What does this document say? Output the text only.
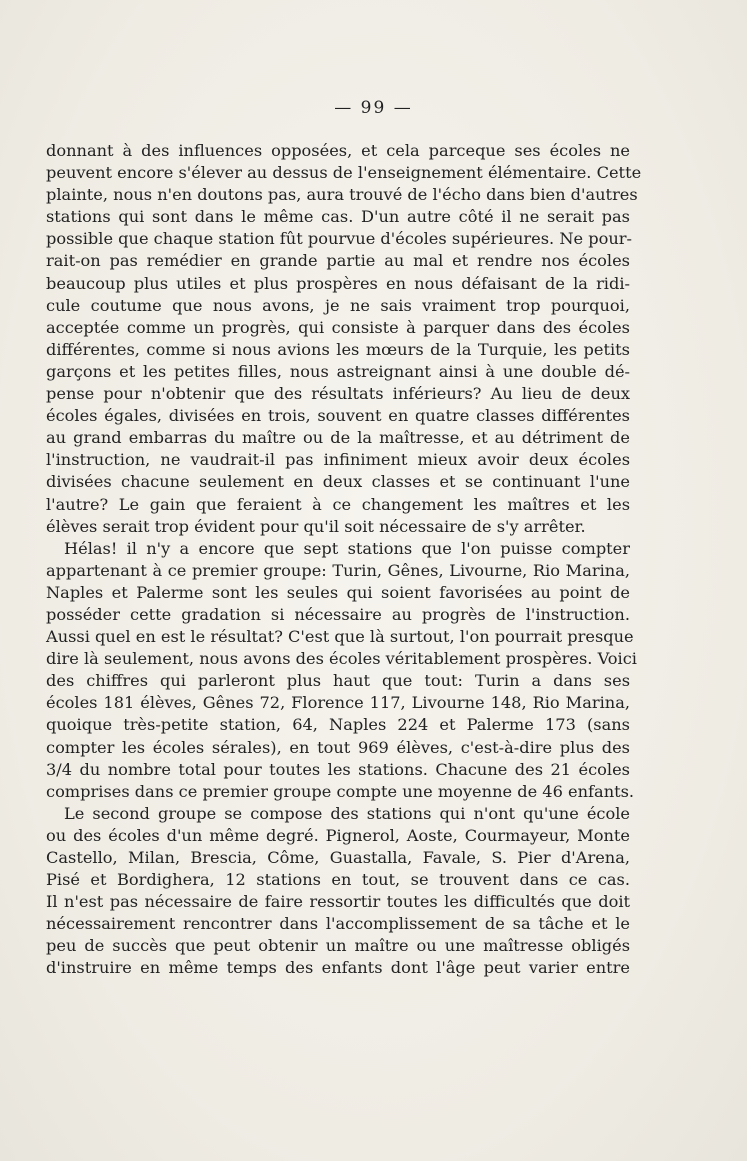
— 99 —
donnant à des influences opposées, et cela parceque ses écoles ne
peuvent encore s'élever au dessus de l'enseignement élémentaire. Cette
plainte, nous n'en doutons pas, aura trouvé de l'écho dans bien d'autres
stations qui sont dans le même cas. D'un autre côté il ne serait pas
possible que chaque station fût pourvue d'écoles supérieures. Ne pour-
rait-on pas remédier en grande partie au mal et rendre nos écoles
beaucoup plus utiles et plus prospères en nous défaisant de la ridi-
cule coutume que nous avons, je ne sais vraiment trop pourquoi,
acceptée comme un progrès, qui consiste à parquer dans des écoles
différentes, comme si nous avions les mœurs de la Turquie, les petits
garçons et les petites filles, nous astreignant ainsi à une double dé-
pense pour n'obtenir que des résultats inférieurs? Au lieu de deux
écoles égales, divisées en trois, souvent en quatre classes différentes
au grand embarras du maître ou de la maîtresse, et au détriment de
l'instruction, ne vaudrait-il pas infiniment mieux avoir deux écoles
divisées chacune seulement en deux classes et se continuant l'une
l'autre? Le gain que feraient à ce changement les maîtres et les
élèves serait trop évident pour qu'il soit nécessaire de s'y arrêter.
Hélas! il n'y a encore que sept stations que l'on puisse compter
appartenant à ce premier groupe: Turin, Gênes, Livourne, Rio Marina,
Naples et Palerme sont les seules qui soient favorisées au point de
posséder cette gradation si nécessaire au progrès de l'instruction.
Aussi quel en est le résultat? C'est que là surtout, l'on pourrait presque
dire là seulement, nous avons des écoles véritablement prospères. Voici
des chiffres qui parleront plus haut que tout: Turin a dans ses
écoles 181 élèves, Gênes 72, Florence 117, Livourne 148, Rio Marina,
quoique très-petite station, 64, Naples 224 et Palerme 173 (sans
compter les écoles sérales), en tout 969 élèves, c'est-à-dire plus des
3/4 du nombre total pour toutes les stations. Chacune des 21 écoles
comprises dans ce premier groupe compte une moyenne de 46 enfants.
Le second groupe se compose des stations qui n'ont qu'une école
ou des écoles d'un même degré. Pignerol, Aoste, Courmayeur, Monte
Castello, Milan, Brescia, Côme, Guastalla, Favale, S. Pier d'Arena,
Pisé et Bordighera, 12 stations en tout, se trouvent dans ce cas.
Il n'est pas nécessaire de faire ressortir toutes les difficultés que doit
nécessairement rencontrer dans l'accomplissement de sa tâche et le
peu de succès que peut obtenir un maître ou une maîtresse obligés
d'instruire en même temps des enfants dont l'âge peut varier entre
